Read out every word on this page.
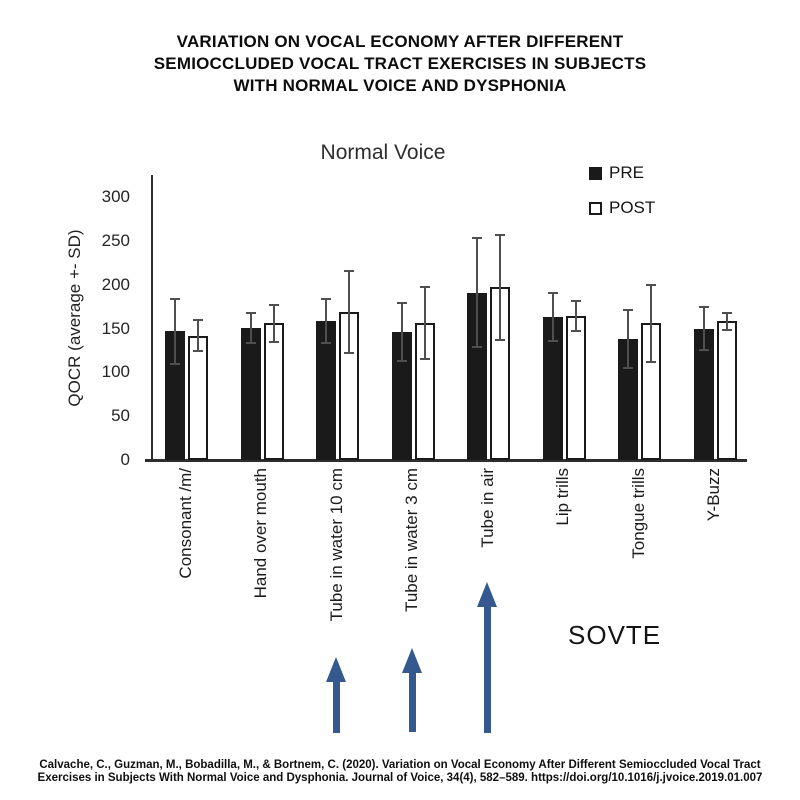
VARIATION ON VOCAL ECONOMY AFTER DIFFERENT
SEMIOCCLUDED VOCAL TRACT EXERCISES IN SUBJECTS
WITH NORMAL VOICE AND DYSPHONIA
Normal Voice
PRE
POST
QOCR (average +- SD)
0
50
100
150
200
250
300
Consonant /m/	Hand over mouth	Tube in water 10 cm	Tube in water 3 cm	Tube in air	Lip trills	Tongue trills	Y-Buzz
SOVTE
Calvache, C., Guzman, M., Bobadilla, M., & Bortnem, C. (2020). Variation on Vocal Economy After Different Semioccluded Vocal Tract
Exercises in Subjects With Normal Voice and Dysphonia. Journal of Voice, 34(4), 582–589. https://doi.org/10.1016/j.jvoice.2019.01.007
